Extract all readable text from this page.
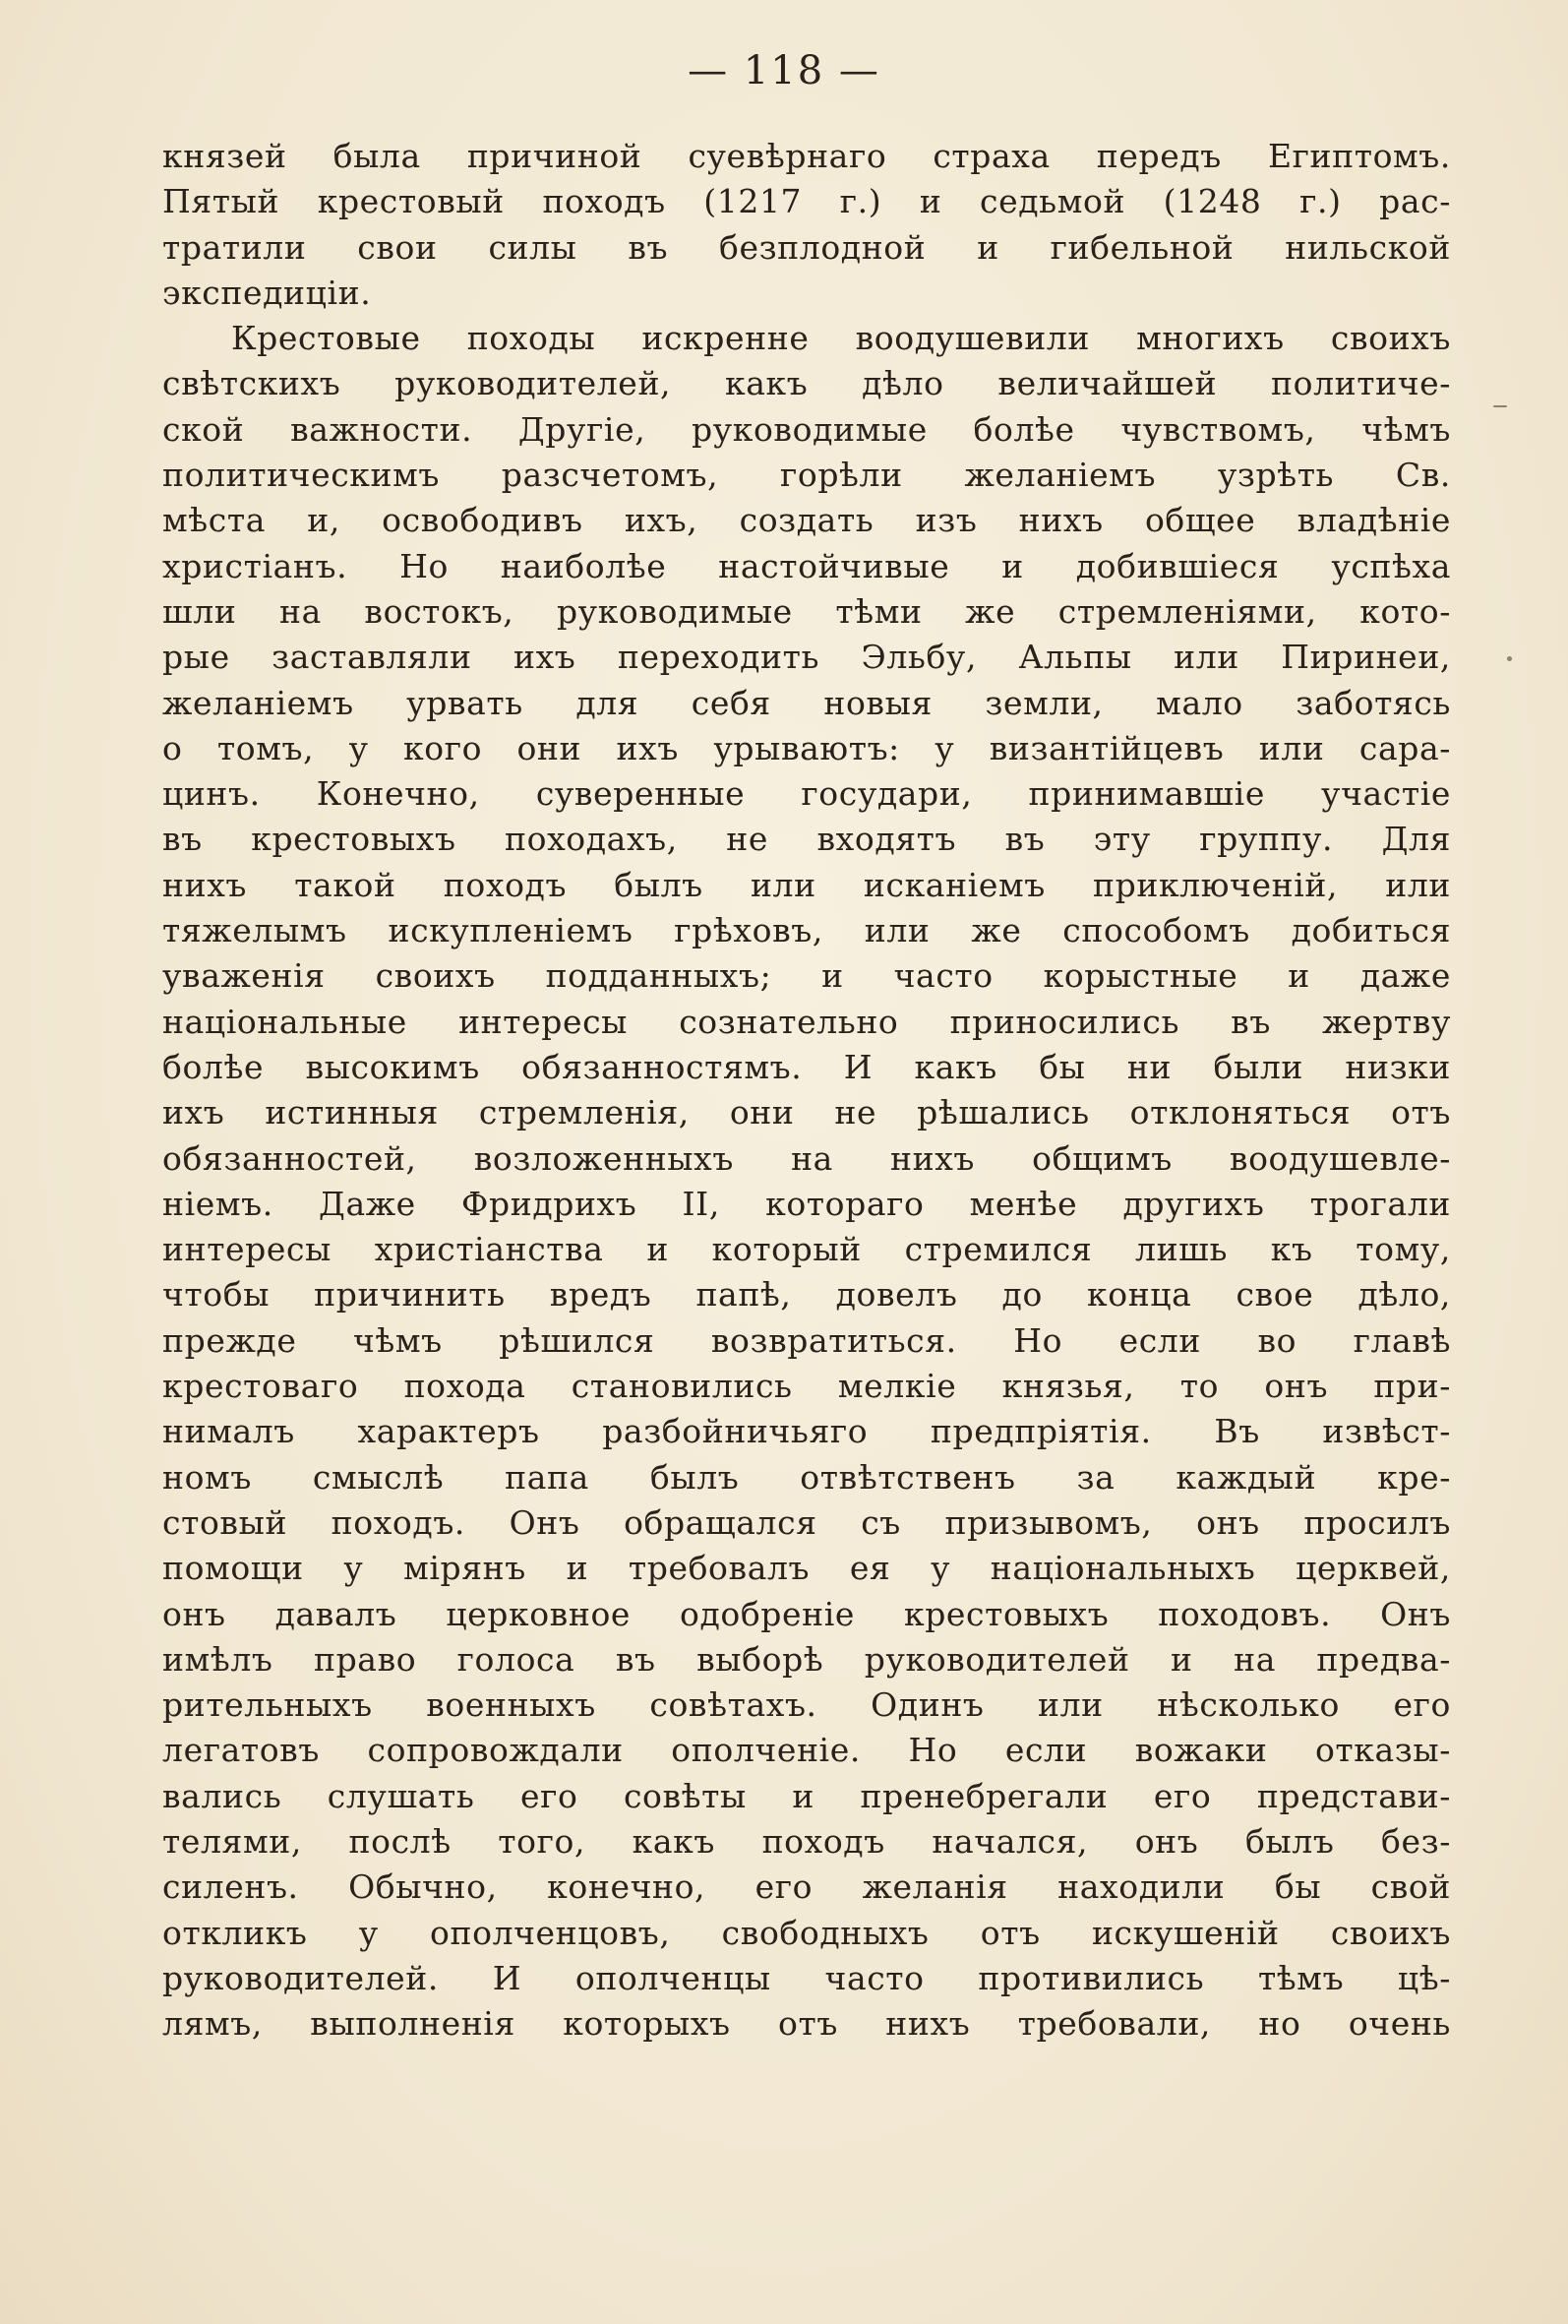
— 118 —
князей была причиной суевѣрнаго страха передъ Египтомъ.
Пятый крестовый походъ (1217 г.) и седьмой (1248 г.) рас-
тратили свои силы въ безплодной и гибельной нильской
экспедиціи.
Крестовые походы искренне воодушевили многихъ своихъ
свѣтскихъ руководителей, какъ дѣло величайшей политиче-
ской важности. Другіе, руководимые болѣе чувствомъ, чѣмъ
политическимъ разсчетомъ, горѣли желаніемъ узрѣть Св.
мѣста и, освободивъ ихъ, создать изъ нихъ общее владѣніе
христіанъ. Но наиболѣе настойчивые и добившіеся успѣха
шли на востокъ, руководимые тѣми же стремленіями, кото-
рые заставляли ихъ переходить Эльбу, Альпы или Пиринеи,
желаніемъ урвать для себя новыя земли, мало заботясь
о томъ, у кого они ихъ урываютъ: у византійцевъ или сара-
цинъ. Конечно, суверенные государи, принимавшіе участіе
въ крестовыхъ походахъ, не входятъ въ эту группу. Для
нихъ такой походъ былъ или исканіемъ приключеній, или
тяжелымъ искупленіемъ грѣховъ, или же способомъ добиться
уваженія своихъ подданныхъ; и часто корыстные и даже
національные интересы сознательно приносились въ жертву
болѣе высокимъ обязанностямъ. И какъ бы ни были низки
ихъ истинныя стремленія, они не рѣшались отклоняться отъ
обязанностей, возложенныхъ на нихъ общимъ воодушевле-
ніемъ. Даже Фридрихъ II, котораго менѣе другихъ трогали
интересы христіанства и который стремился лишь къ тому,
чтобы причинить вредъ папѣ, довелъ до конца свое дѣло,
прежде чѣмъ рѣшился возвратиться. Но если во главѣ
крестоваго похода становились мелкіе князья, то онъ при-
нималъ характеръ разбойничьяго предпріятія. Въ извѣст-
номъ смыслѣ папа былъ отвѣтственъ за каждый кре-
стовый походъ. Онъ обращался съ призывомъ, онъ просилъ
помощи у мірянъ и требовалъ ея у національныхъ церквей,
онъ давалъ церковное одобреніе крестовыхъ походовъ. Онъ
имѣлъ право голоса въ выборѣ руководителей и на предва-
рительныхъ военныхъ совѣтахъ. Одинъ или нѣсколько его
легатовъ сопровождали ополченіе. Но если вожаки отказы-
вались слушать его совѣты и пренебрегали его представи-
телями, послѣ того, какъ походъ начался, онъ былъ без-
силенъ. Обычно, конечно, его желанія находили бы свой
откликъ у ополченцовъ, свободныхъ отъ искушеній своихъ
руководителей. И ополченцы часто противились тѣмъ цѣ-
лямъ, выполненія которыхъ отъ нихъ требовали, но очень
